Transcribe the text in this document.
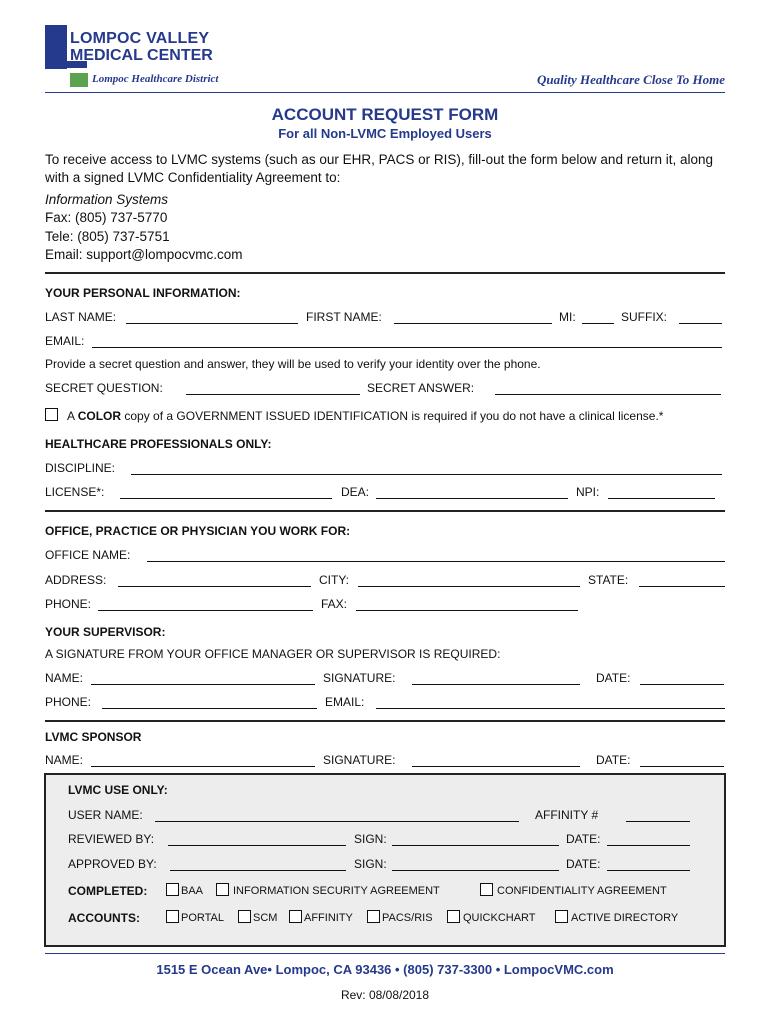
LOMPOC VALLEY
MEDICAL CENTER
Lompoc Healthcare District	Quality Healthcare Close To Home
ACCOUNT REQUEST FORM
For all Non-LVMC Employed Users
To receive access to LVMC systems (such as our EHR, PACS or RIS), fill-out the form below and return it, along with a signed LVMC Confidentiality Agreement to:
Information Systems
Fax: (805) 737-5770
Tele: (805) 737-5751
Email: support@lompocvmc.com
YOUR PERSONAL INFORMATION:
LAST NAME:	FIRST NAME:	MI:	SUFFIX:
EMAIL:
Provide a secret question and answer, they will be used to verify your identity over the phone.
SECRET QUESTION:	SECRET ANSWER:
A COLOR copy of a GOVERNMENT ISSUED IDENTIFICATION is required if you do not have a clinical license.*
HEALTHCARE PROFESSIONALS ONLY:
DISCIPLINE:
LICENSE*:	DEA:	NPI:
OFFICE, PRACTICE OR PHYSICIAN YOU WORK FOR:
OFFICE NAME:
ADDRESS:	CITY:	STATE:
PHONE:	FAX:
YOUR SUPERVISOR:
A SIGNATURE FROM YOUR OFFICE MANAGER OR SUPERVISOR IS REQUIRED:
NAME:	SIGNATURE:	DATE:
PHONE:	EMAIL:
LVMC SPONSOR
NAME:	SIGNATURE:	DATE:
LVMC USE ONLY:
USER NAME:	AFFINITY #
REVIEWED BY:	SIGN:	DATE:
APPROVED BY:	SIGN:	DATE:
COMPLETED:	BAA	INFORMATION SECURITY AGREEMENT	CONFIDENTIALITY AGREEMENT
ACCOUNTS:	PORTAL	SCM AFFINITY	PACS/RIS	QUICKCHART	ACTIVE DIRECTORY
1515 E Ocean Ave• Lompoc, CA 93436 • (805) 737-3300 • LompocVMC.com
Rev: 08/08/2018
